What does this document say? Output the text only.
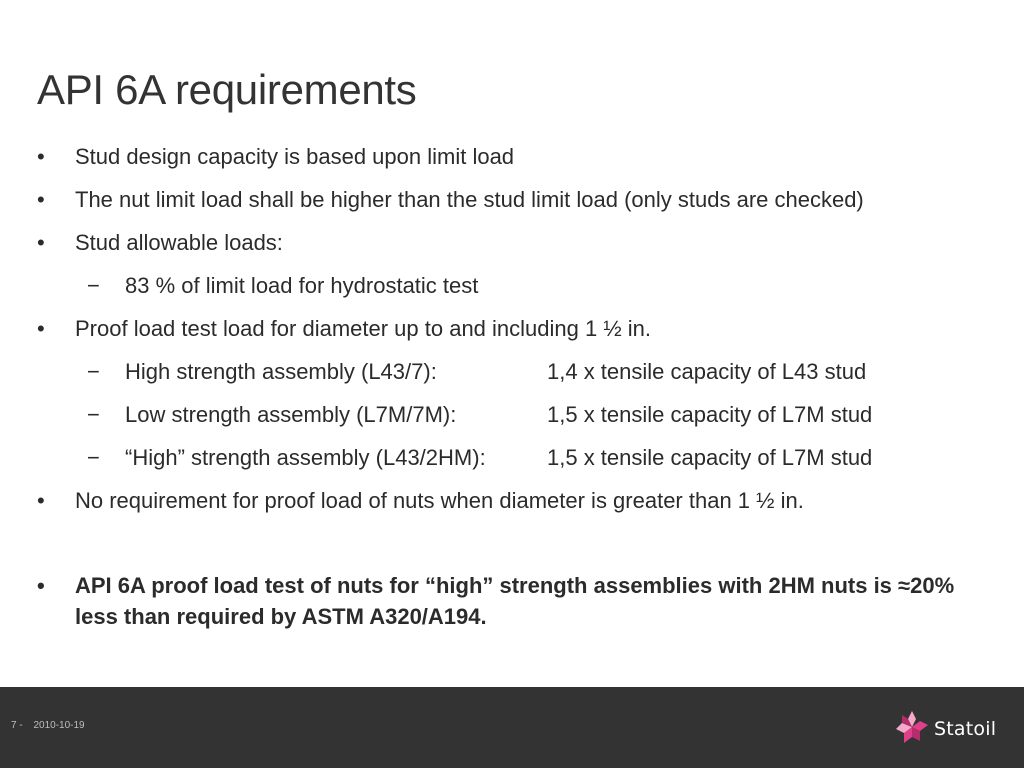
API 6A requirements
•	Stud design capacity is based upon limit load
•	The nut limit load shall be higher than the stud limit load (only studs are checked)
•	Stud allowable loads:
−	83 % of limit load for hydrostatic test
•	Proof load test load for diameter up to and including 1 ½ in.
−	High strength assembly (L43/7):	1,4 x tensile capacity of L43 stud
−	Low strength assembly (L7M/7M):	1,5 x tensile capacity of L7M stud
−	“High” strength assembly (L43/2HM):	1,5 x tensile capacity of L7M stud
•	No requirement for proof load of nuts when diameter is greater than 1 ½ in.
•	API 6A proof load test of nuts for “high” strength assemblies with 2HM nuts is ≈20% less than required by ASTM A320/A194.
7 - 2010-10-19	Statoil
